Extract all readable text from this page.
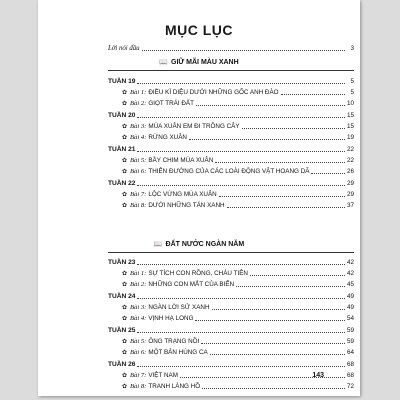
MỤC LỤC
Lời nói đầu	3
143
📖 GIỮ MÃI MÀU XANH
TUẦN 19	5
✿ Bài 1: ĐIỀU KÌ DIỆU DƯỚI NHỮNG GỐC ANH ĐÀO	5
✿ Bài 2: GIỌT TRÁI ĐẤT	10
TUẦN 20	15
✿ Bài 3: MÙA XUÂN EM ĐI TRỒNG CÂY	15
✿ Bài 4: RỪNG XUÂN	19
TUẦN 21	22
✿ Bài 5: BẦY CHIM MÙA XUÂN	22
✿ Bài 6: THIÊN ĐƯỜNG CỦA CÁC LOÀI ĐỘNG VẬT HOANG DÃ	26
TUẦN 22	29
✿ Bài 7: LỘC VỪNG MÙA XUÂN	29
✿ Bài 8: DƯỚI NHỮNG TÁN XANH	37
📖 ĐẤT NƯỚC NGÀN NĂM
TUẦN 23	42
✿ Bài 1: SỰ TÍCH CON RỒNG, CHÁU TIÊN	42
✿ Bài 2: NHỮNG CON MẮT CỦA BIỂN	45
TUẦN 24	49
✿ Bài 3: NGÀN LỜI SỬ XANH	49
✿ Bài 4: VỊNH HẠ LONG	54
TUẦN 25	59
✿ Bài 5: ÔNG TRẠNG NỒI	59
✿ Bài 6: MỘT BẢN HÙNG CA	64
TUẦN 26	68
✿ Bài 7: VIỆT NAM	68
✿ Bài 8: TRANH LÀNG HỒ	72
